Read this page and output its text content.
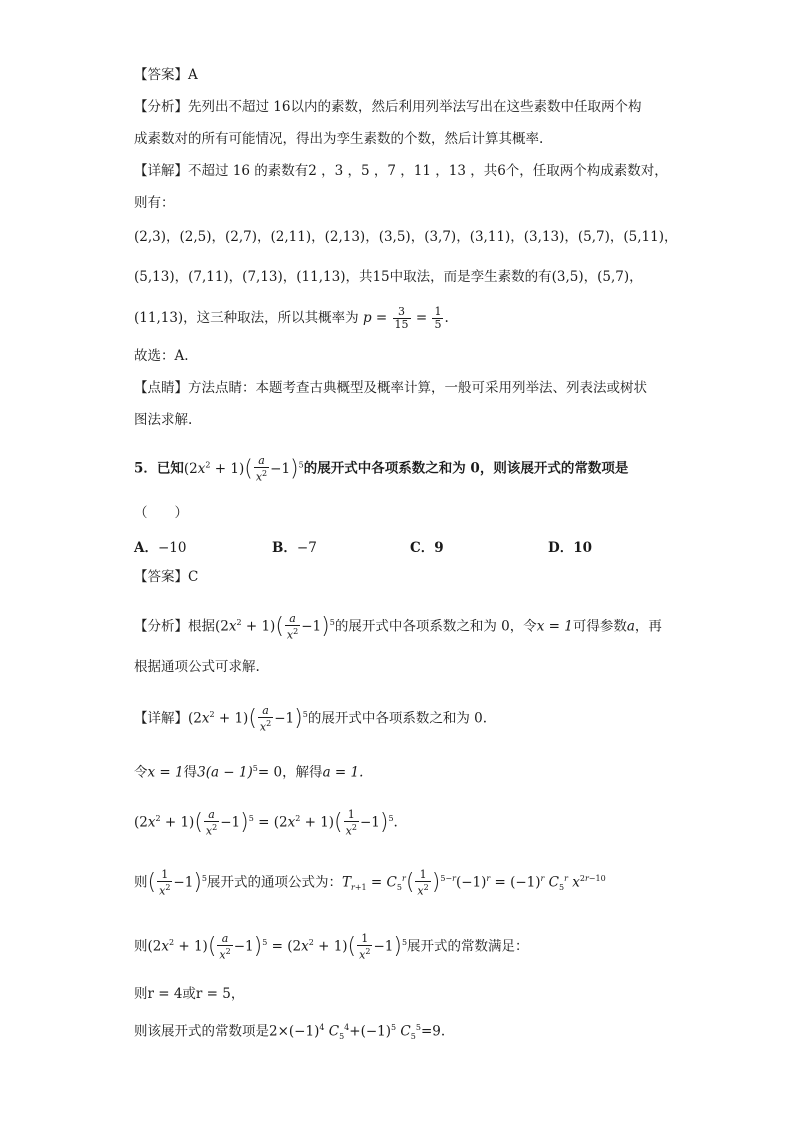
【答案】A
【分析】先列出不超过 16以内的素数，然后利用列举法写出在这些素数中任取两个构
成素数对的所有可能情况，得出为孪生素数的个数，然后计算其概率.
【详解】不超过 16 的素数有2 ，3 ，5 ，7 ，11 ，13 ，共6个，任取两个构成素数对，
则有：
(2,3)，(2,5)，(2,7)，(2,11)，(2,13)，(3,5)，(3,7)，(3,11)，(3,13)，(5,7)，(5,11)，
(5,13)，(7,11)，(7,13)，(11,13)，共15中取法，而是孪生素数的有(3,5)，(5,7)，
(11,13)，这三种取法，所以其概率为 $p = \frac{3}{15} = \frac{1}{5}$ .
故选：A.
【点睛】方法点睛：本题考查古典概型及概率计算，一般可采用列举法、列表法或树状
图法求解.
5．已知$(2x^2 + 1)( \frac{a}{x^2} -1)^5$的展开式中各项系数之和为 0，则该展开式的常数项是
（　　）
A．−10	B．−7	C．9	D．10
【答案】C
【分析】根据$(2x^2 + 1)( \frac{a}{x^2} -1)^5$的展开式中各项系数之和为 0，令x = 1可得参数a，再
根据通项公式可求解.
【详解】$(2x^2 + 1)( \frac{a}{x^2} -1)^5$的展开式中各项系数之和为 0.
令x = 1得$3(a - 1)^5= 0$，解得a = 1.
$(2x^2 + 1)( \frac{a}{x^2} -1)^5 = (2x^2 + 1)( \frac{1}{x^2} -1)^5$.
则( $\frac{1}{x^2} -1)^5$展开式的通项公式为：$T_{r+1} = C_5^r( \frac{1}{x^2} )^{5-r}(-1)^r = (-1)^r$ $C_5^r$ $x^{2r-10}$
则$(2x^2 + 1)( \frac{a}{x^2} -1)^5 = (2x^2 + 1)( \frac{1}{x^2} -1)^5$展开式的常数满足：
则r = 4或r = 5，
则该展开式的常数项是$2\times(-1)^4$ $C_5^4+(-1)^5$ $C_5^5=9$.
